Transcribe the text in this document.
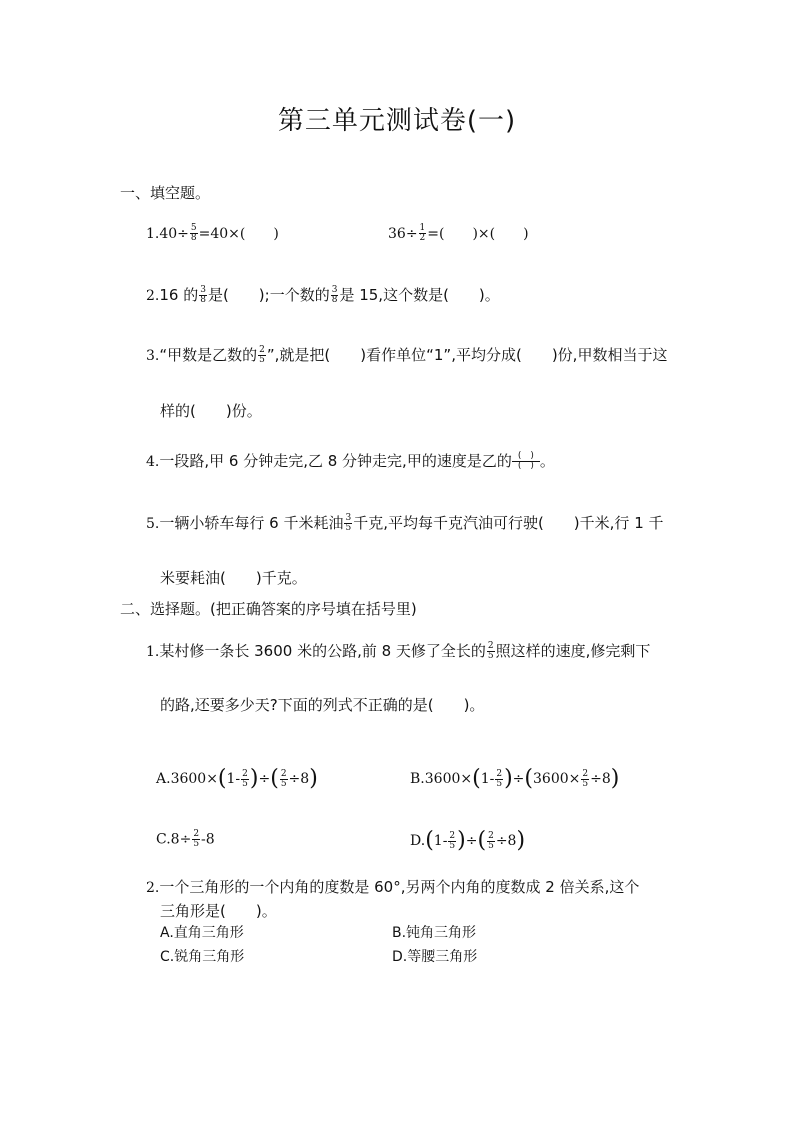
第三单元测试卷(一)
一、填空题。
$1.40\div \frac{5}{8} =40\times$(　　)	$36\div \frac{1}{2}$ =(　　)×(　　)
2.16 的 $\frac{3}{8}$ 是(　　);一个数的 $\frac{3}{8}$ 是 15,这个数是(　　)。
3.“甲数是乙数的 $\frac{2}{5}$ ”,就是把(　　)看作单位“1”,平均分成(　　)份,甲数相当于这
样的(　　)份。
4.一段路,甲 6 分钟走完,乙 8 分钟走完,甲的速度是乙的 (　)
(　) 。
5.一辆小轿车每行 6 千米耗油 $\frac{3}{5}$ 千克,平均每千克汽油可行驶(　　)千米,行 1 千
米要耗油(　　)千克。
二、选择题。(把正确答案的序号填在括号里)
1.某村修一条长 3600 米的公路,前 8 天修了全长的 $\frac{2}{5}$ 照这样的速度,修完剩下
的路,还要多少天?下面的列式不正确的是(　　)。
$A.3600\times(1- \frac{2}{5}$ )÷( $\frac{2}{5} \div 8$)	$B.3600\times(1- \frac{2}{5} )\div(3600\times \frac{2}{5} \div 8)$
$C.8\div \frac{2}{5} -8$	$D.(1- \frac{2}{5}$ )÷( $\frac{2}{5} \div 8$)
2.一个三角形的一个内角的度数是 60°,另两个内角的度数成 2 倍关系,这个
三角形是(　　)。
A.直角三角形	B.钝角三角形
C.锐角三角形	D.等腰三角形
